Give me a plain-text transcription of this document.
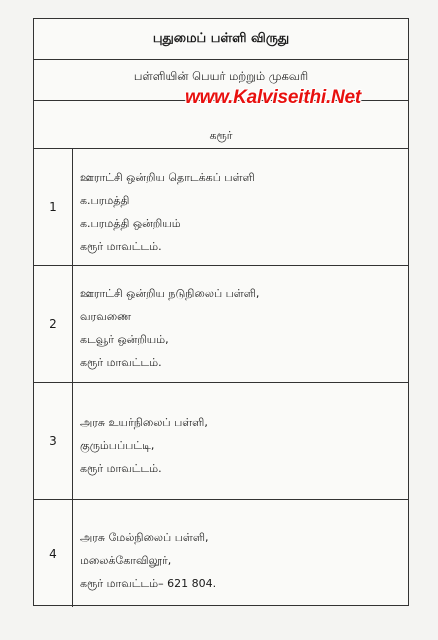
புதுமைப் பள்ளி விருது
பள்ளியின் பெயர் மற்றும் முகவரி
கரூர்
1
ஊராட்சி ஒன்றிய தொடக்கப் பள்ளி
க.பரமத்தி
க.பரமத்தி ஒன்றியம்
கரூர் மாவட்டம்.
2
ஊராட்சி ஒன்றிய நடுநிலைப் பள்ளி,
வரவணை
கடவூர் ஒன்றியம்,
கரூர் மாவட்டம்.
3
அரசு உயர்நிலைப் பள்ளி,
குரும்பப்பட்டி,
கரூர் மாவட்டம்.
4
அரசு மேல்நிலைப் பள்ளி,
மலைக்கோவிலூர்,
கரூர் மாவட்டம்– 621 804.
www.Kalviseithi.Net
